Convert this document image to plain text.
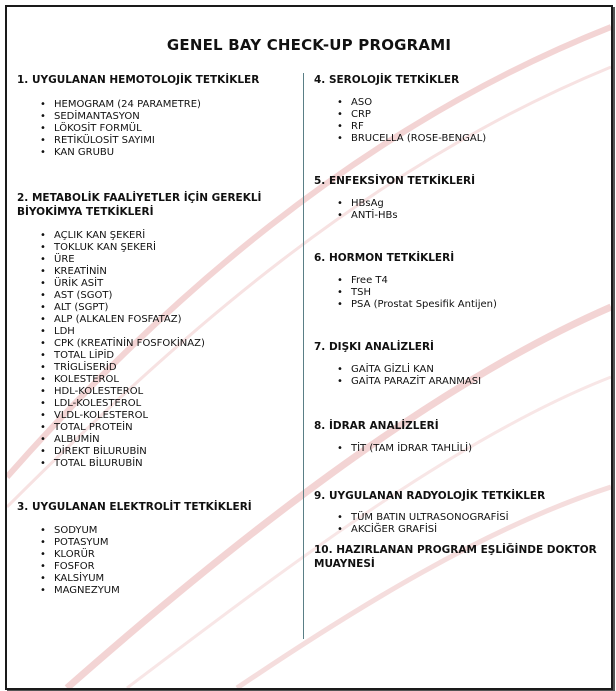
GENEL BAY CHECK-UP PROGRAMI
1. UYGULANAN HEMOTOLOJİK TETKİKLER
• HEMOGRAM (24 PARAMETRE)
• SEDİMANTASYON
• LÖKOSİT FORMÜL
• RETİKÜLOSİT SAYIMI
• KAN GRUBU
2. METABOLİK FAALİYETLER İÇİN GEREKLİ BİYOKİMYA TETKİKLERİ
• AÇLIK KAN ŞEKERİ
• TOKLUK KAN ŞEKERİ
• ÜRE
• KREATİNİN
• ÜRİK ASİT
• AST (SGOT)
• ALT (SGPT)
• ALP (ALKALEN FOSFATAZ)
• LDH
• CPK (KREATİNİN FOSFOKİNAZ)
• TOTAL LİPİD
• TRİGLİSERİD
• KOLESTEROL
• HDL-KOLESTEROL
• LDL-KOLESTEROL
• VLDL-KOLESTEROL
• TOTAL PROTEİN
• ALBUMİN
• DİREKT BİLURUBİN
• TOTAL BİLURUBİN
3. UYGULANAN ELEKTROLİT TETKİKLERİ
• SODYUM
• POTASYUM
• KLORÜR
• FOSFOR
• KALSİYUM
• MAGNEZYUM
4. SEROLOJİK TETKİKLER
• ASO
• CRP
• RF
• BRUCELLA (ROSE-BENGAL)
5. ENFEKSİYON TETKİKLERİ
• HBsAg
• ANTİ-HBs
6. HORMON TETKİKLERİ
• Free T4
• TSH
• PSA (Prostat Spesifik Antijen)
7. DIŞKI ANALİZLERİ
• GAİTA GİZLİ KAN
• GAİTA PARAZİT ARANMASI
8. İDRAR ANALİZLERİ
• TİT (TAM İDRAR TAHLİLİ)
9. UYGULANAN RADYOLOJİK TETKİKLER
• TÜM BATIN ULTRASONOGRAFİSİ
• AKCİĞER GRAFİSİ
10. HAZIRLANAN PROGRAM EŞLİĞİNDE DOKTOR MUAYNESİ
